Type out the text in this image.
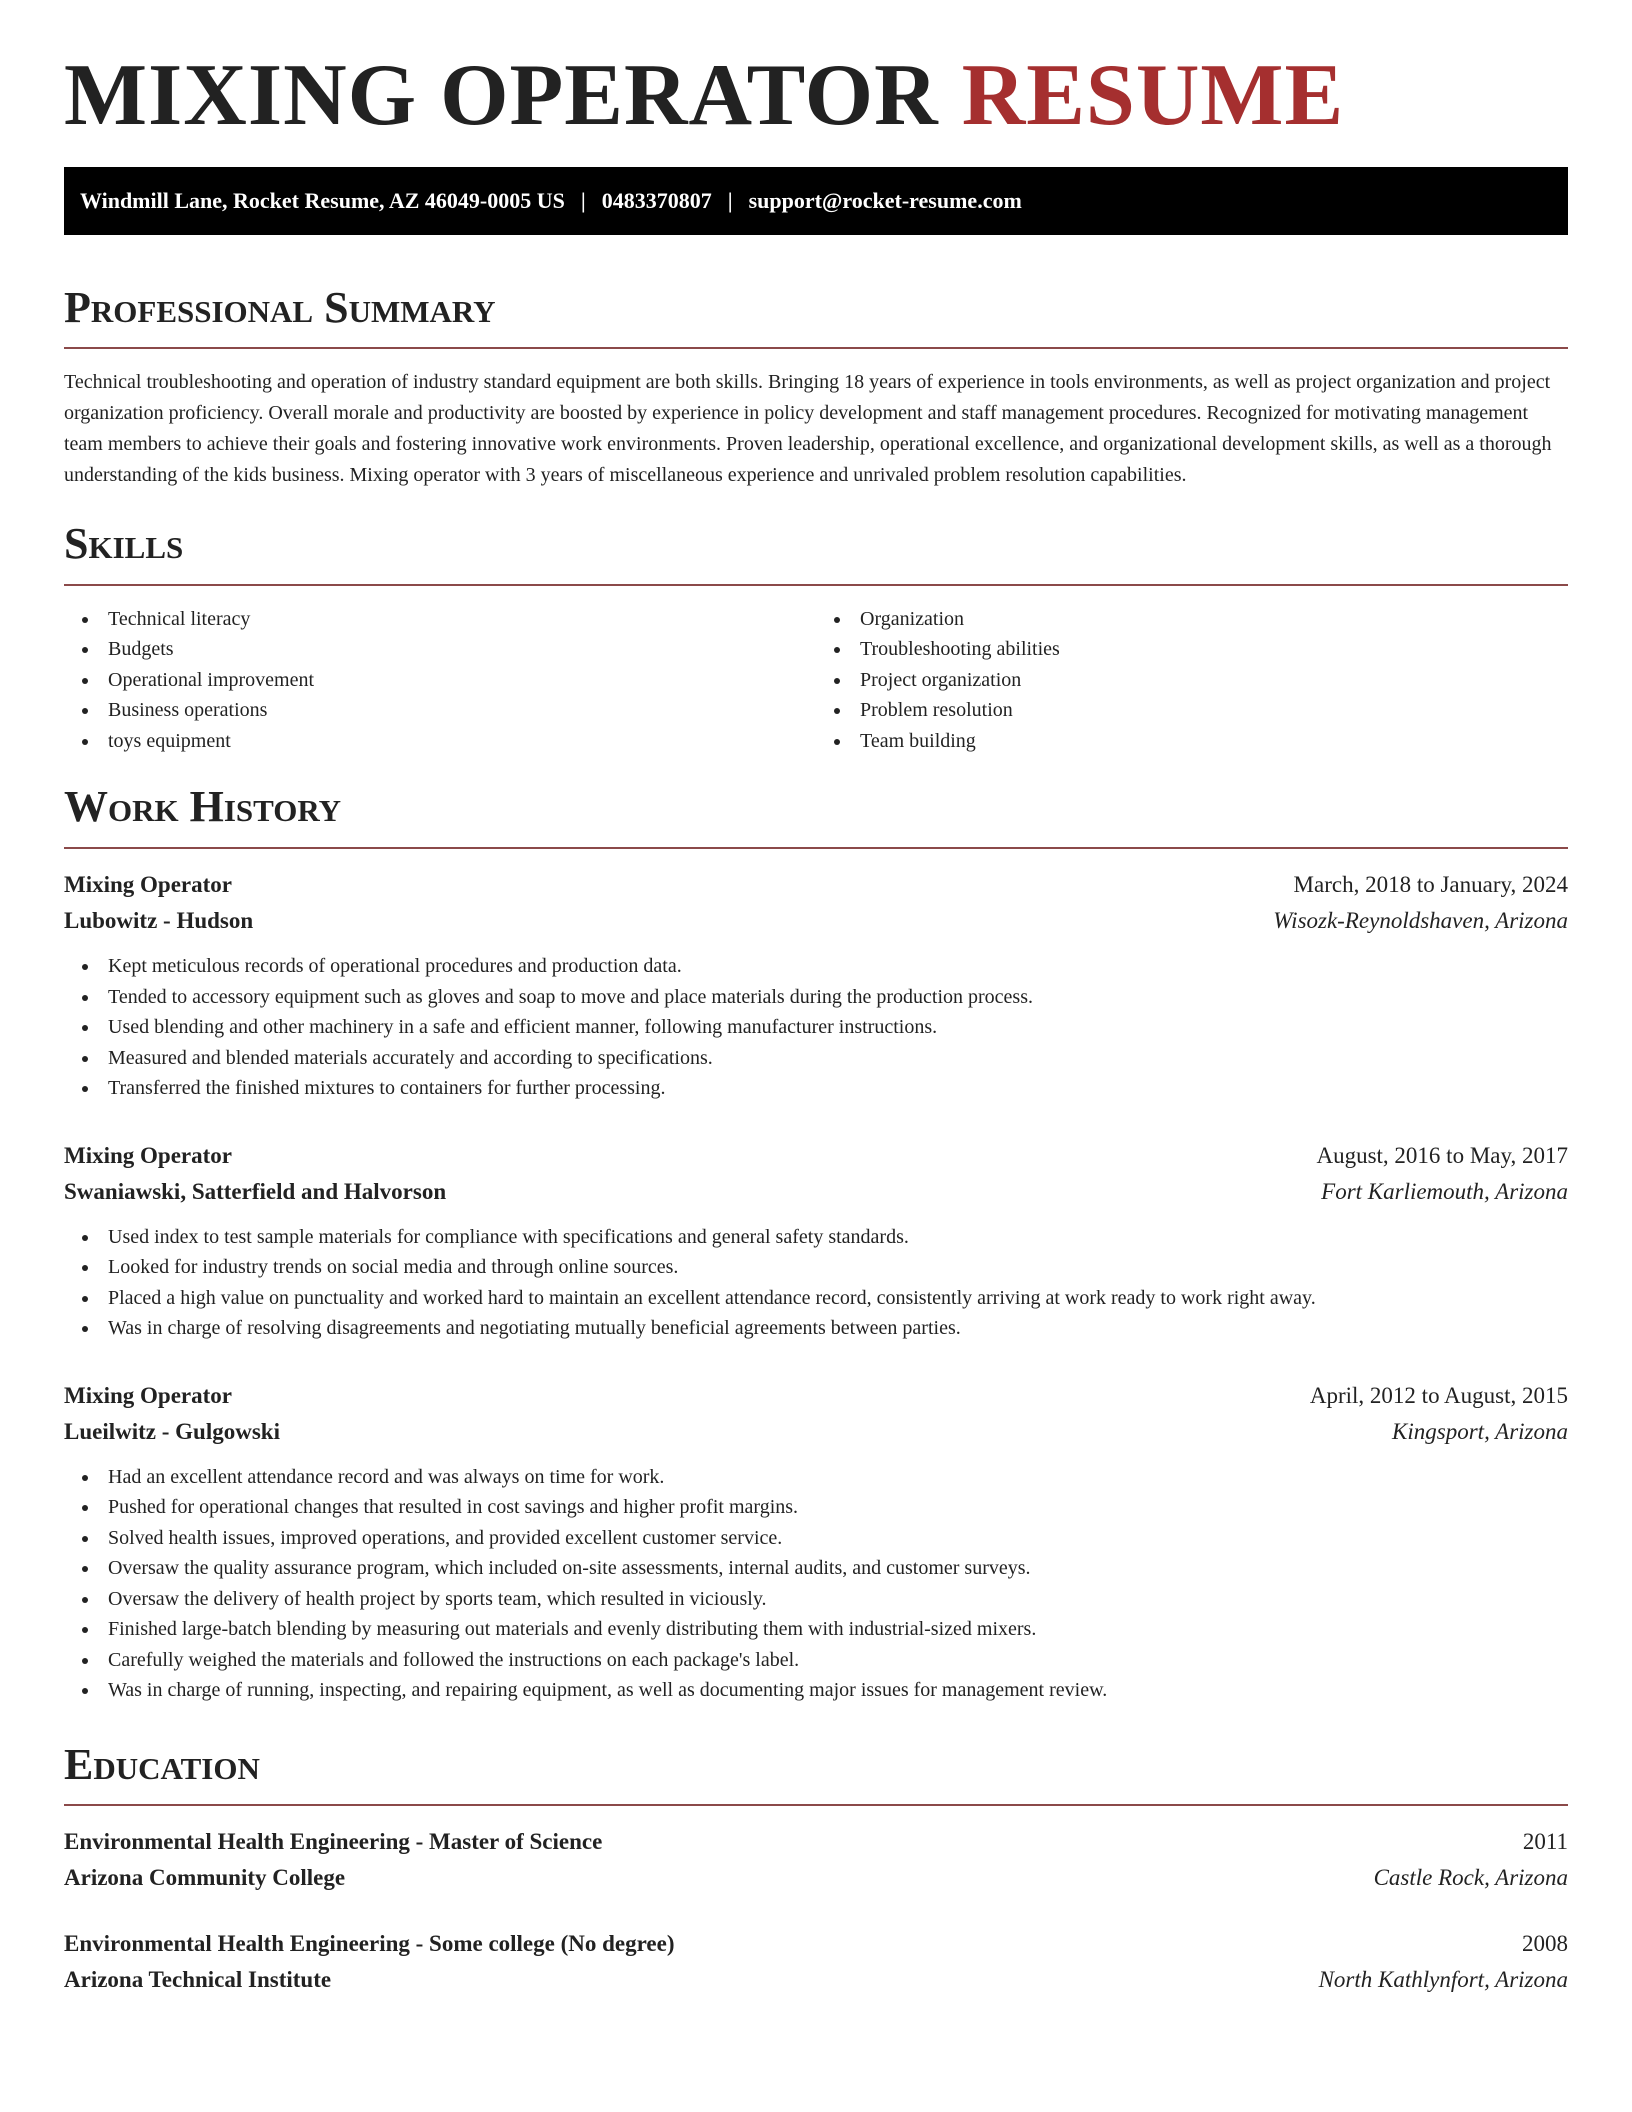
MIXING OPERATOR RESUME
Windmill Lane, Rocket Resume, AZ 46049-0005 US | 0483370807 | support@rocket-resume.com
Professional Summary

Technical troubleshooting and operation of industry standard equipment are both skills. Bringing 18 years of experience in tools environments, as well as project organization and project organization proficiency. Overall morale and productivity are boosted by experience in policy development and staff management procedures. Recognized for motivating management team members to achieve their goals and fostering innovative work environments. Proven leadership, operational excellence, and organizational development skills, as well as a thorough understanding of the kids business. Mixing operator with 3 years of miscellaneous experience and unrivaled problem resolution capabilities.

Skills
Technical literacy
Budgets
Operational improvement
Business operations
toys equipment
Organization
Troubleshooting abilities
Project organization
Problem resolution
Team building
Work History
Mixing Operator	March, 2018 to January, 2024
Lubowitz - Hudson	Wisozk-Reynoldshaven, Arizona
Kept meticulous records of operational procedures and production data.
Tended to accessory equipment such as gloves and soap to move and place materials during the production process.
Used blending and other machinery in a safe and efficient manner, following manufacturer instructions.
Measured and blended materials accurately and according to specifications.
Transferred the finished mixtures to containers for further processing.
Mixing Operator	August, 2016 to May, 2017
Swaniawski, Satterfield and Halvorson	Fort Karliemouth, Arizona
Used index to test sample materials for compliance with specifications and general safety standards.
Looked for industry trends on social media and through online sources.
Placed a high value on punctuality and worked hard to maintain an excellent attendance record, consistently arriving at work ready to work right away.
Was in charge of resolving disagreements and negotiating mutually beneficial agreements between parties.
Mixing Operator	April, 2012 to August, 2015
Lueilwitz - Gulgowski	Kingsport, Arizona
Had an excellent attendance record and was always on time for work.
Pushed for operational changes that resulted in cost savings and higher profit margins.
Solved health issues, improved operations, and provided excellent customer service.
Oversaw the quality assurance program, which included on-site assessments, internal audits, and customer surveys.
Oversaw the delivery of health project by sports team, which resulted in viciously.
Finished large-batch blending by measuring out materials and evenly distributing them with industrial-sized mixers.
Carefully weighed the materials and followed the instructions on each package's label.
Was in charge of running, inspecting, and repairing equipment, as well as documenting major issues for management review.
Education
Environmental Health Engineering - Master of Science	2011
Arizona Community College	Castle Rock, Arizona
Environmental Health Engineering - Some college (No degree)	2008
Arizona Technical Institute	North Kathlynfort, Arizona
